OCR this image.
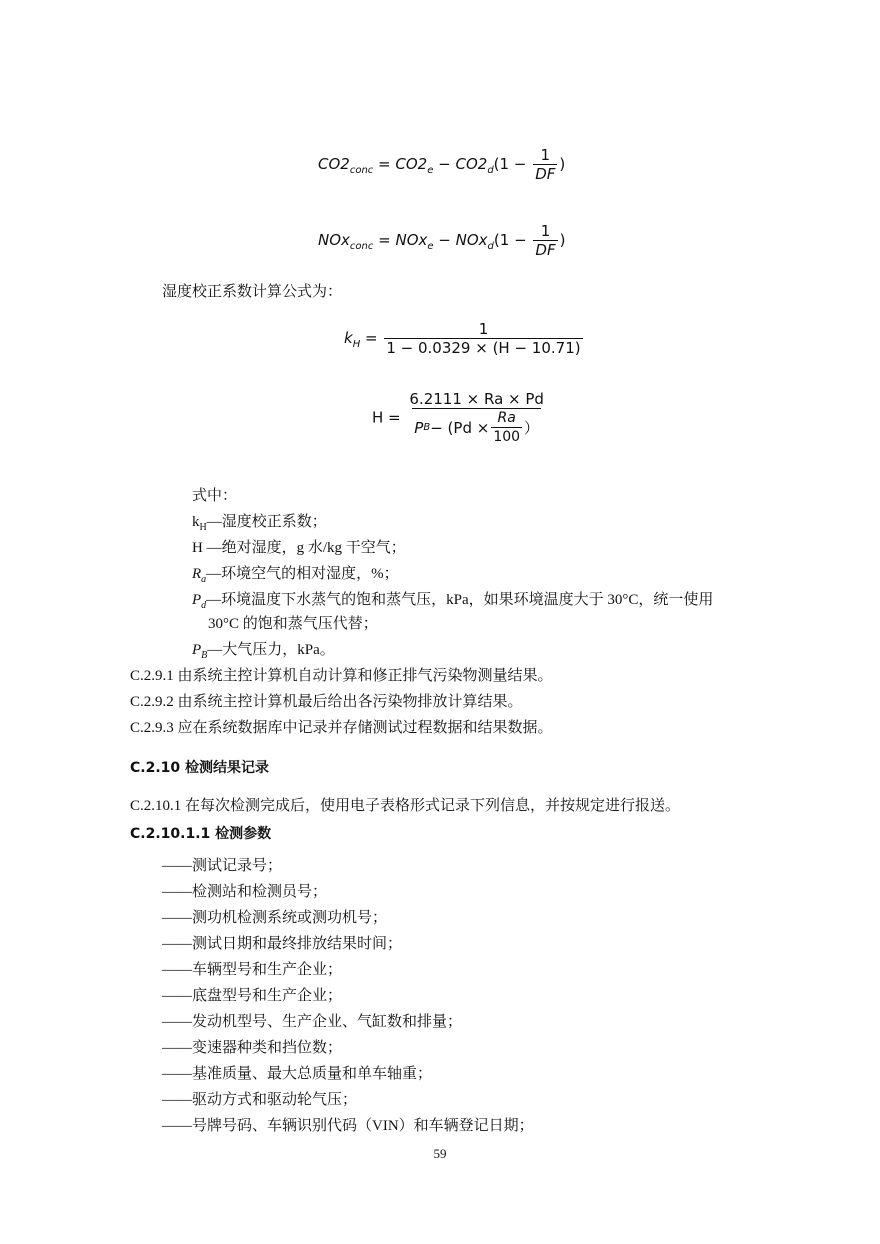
$CO2_{conc} = CO2_e - CO2_d(1 - \frac{1}{DF}$ )
$NOx_{conc} = NOx_e - NOx_d(1 - \frac{1}{DF}$ )
湿度校正系数计算公式为：
$k_H = \frac{1}{1 - 0.0329 \times (H - 10.71)}$
$H = \frac{6.2111 \times Ra \times Pd}{P B - (Pd \times \frac{Ra}{100} )}$
式中：
$k_H—$湿度校正系数；
H —绝对湿度，g 水/kg 干空气；
$R_a—$环境空气的相对湿度，%；
$P_d—$环境温度下水蒸气的饱和蒸气压，kPa，如果环境温度大于 30°C，统一使用
30°C 的饱和蒸气压代替；
$P_B—$大气压力，kPa。
C.2.9.1 由系统主控计算机自动计算和修正排气污染物测量结果。
C.2.9.2 由系统主控计算机最后给出各污染物排放计算结果。
C.2.9.3 应在系统数据库中记录并存储测试过程数据和结果数据。
C.2.10 检测结果记录
C.2.10.1 在每次检测完成后，使用电子表格形式记录下列信息，并按规定进行报送。
C.2.10.1.1 检测参数
——测试记录号；
——检测站和检测员号；
——测功机检测系统或测功机号；
——测试日期和最终排放结果时间；
——车辆型号和生产企业；
——底盘型号和生产企业；
——发动机型号、生产企业、气缸数和排量；
——变速器种类和挡位数；
——基准质量、最大总质量和单车轴重；
——驱动方式和驱动轮气压；
——号牌号码、车辆识别代码（VIN）和车辆登记日期；
59
